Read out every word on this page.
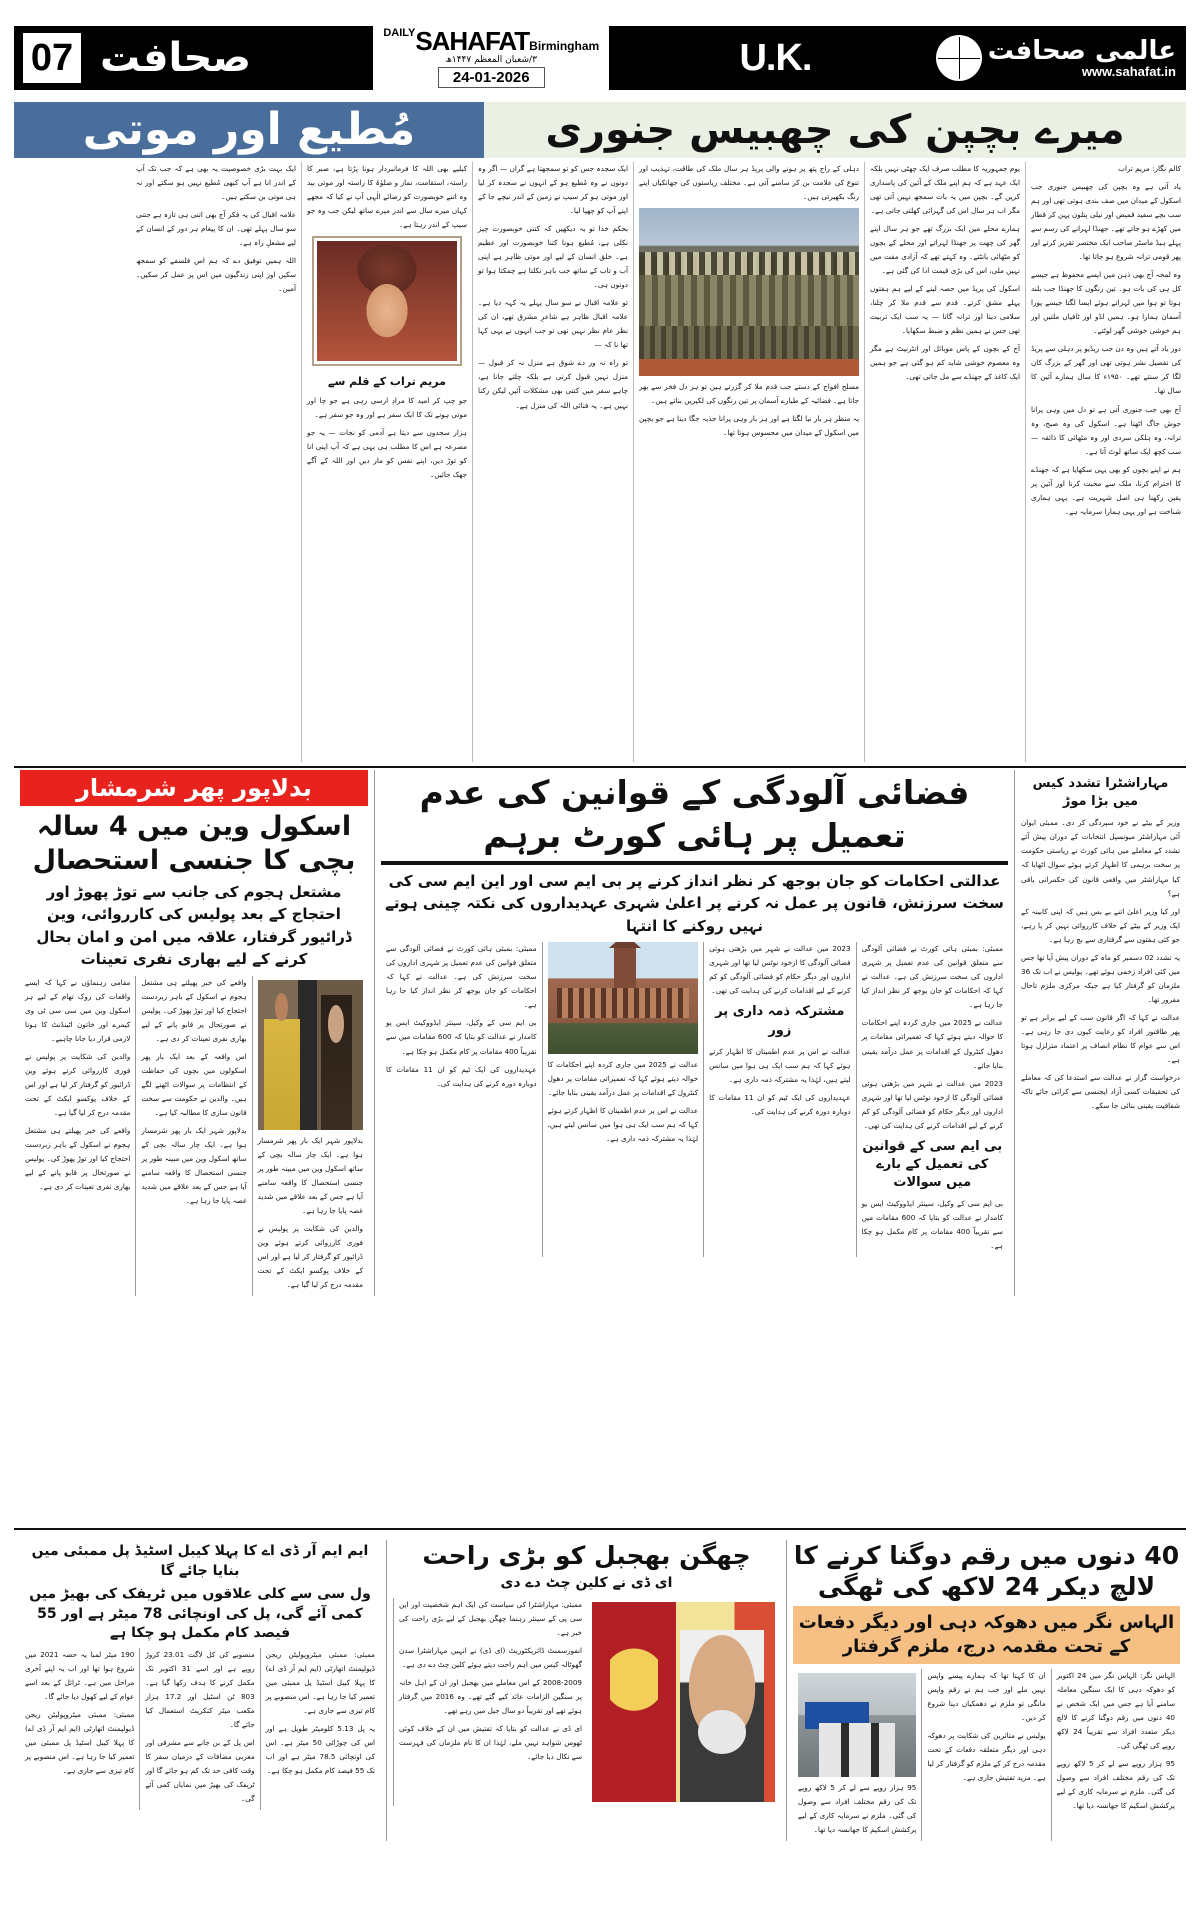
07 صحافت
$^{DAILY}$SAHAFATBirmingham
۳/شعبان المعظم ۱۴۴۷ھ
24-01-2026	U.K.	عالمی صحافت
www.sahafat.in
مُطیع اور موتی	میرے بچپن کی چھبیس جنوری

کالم نگار: مریم تراب

یاد آتی ہے وہ بچپن کی چھبیس جنوری جب اسکول کے میدان میں صف بندی ہوتی تھی اور ہم سب بچے سفید قمیض اور نیلی پتلون پہن کر قطار میں کھڑے ہو جاتے تھے۔ جھنڈا لہرانے کی رسم سے پہلے ہیڈ ماسٹر صاحب ایک مختصر تقریر کرتے اور پھر قومی ترانہ شروع ہو جاتا تھا۔

وہ لمحہ آج بھی ذہن میں ایسے محفوظ ہے جیسے کل ہی کی بات ہو۔ تین رنگوں کا جھنڈا جب بلند ہوتا تو ہوا میں لہراتے ہوئے ایسا لگتا جیسے پورا آسمان ہمارا ہو۔ ہمیں لڈو اور ٹافیاں ملتیں اور ہم خوشی خوشی گھر لوٹتے۔

دور یاد آتے ہیں وہ دن جب ریڈیو پر دہلی سے پریڈ کی تفصیل نشر ہوتی تھی اور گھر کے بزرگ کان لگا کر سنتے تھے۔ ۱۹۵۰ء کا سال ہمارے آئین کا سال تھا۔

آج بھی جب جنوری آتی ہے تو دل میں وہی پرانا جوش جاگ اٹھتا ہے۔ اسکول کی وہ صبح، وہ ترانہ، وہ ہلکی سردی اور وہ مٹھائی کا ذائقہ — سب کچھ ایک ساتھ لوٹ آتا ہے۔

ہم نے اپنے بچوں کو بھی یہی سکھایا ہے کہ جھنڈے کا احترام کرنا، ملک سے محبت کرنا اور آئین پر یقین رکھنا ہی اصل شہریت ہے۔ یہی ہماری شناخت ہے اور یہی ہمارا سرمایہ ہے۔

یوم جمہوریہ کا مطلب صرف ایک چھٹی نہیں بلکہ ایک عہد ہے کہ ہم اپنے ملک کے آئین کی پاسداری کریں گے۔ بچپن میں یہ بات سمجھ نہیں آتی تھی مگر اب ہر سال اس کی گہرائی کھلتی جاتی ہے۔

ہمارے محلے میں ایک بزرگ تھے جو ہر سال اپنے گھر کی چھت پر جھنڈا لہراتے اور محلے کے بچوں کو مٹھائی بانٹتے۔ وہ کہتے تھے کہ آزادی مفت میں نہیں ملی، اس کی بڑی قیمت ادا کی گئی ہے۔

اسکول کی پریڈ میں حصہ لینے کے لیے ہم ہفتوں پہلے مشق کرتے۔ قدم سے قدم ملا کر چلنا، سلامی دینا اور ترانہ گانا — یہ سب ایک تربیت تھی جس نے ہمیں نظم و ضبط سکھایا۔

آج کے بچوں کے پاس موبائل اور انٹرنیٹ ہے مگر وہ معصوم خوشی شاید کم ہو گئی ہے جو ہمیں ایک کاغذ کے جھنڈے سے مل جاتی تھی۔

دہلی کے راج پتھ پر ہونے والی پریڈ ہر سال ملک کی طاقت، تہذیب اور تنوع کی علامت بن کر سامنے آتی ہے۔ مختلف ریاستوں کی جھانکیاں اپنے رنگ بکھیرتی ہیں۔

مسلح افواج کے دستے جب قدم ملا کر گزرتے ہیں تو ہر دل فخر سے بھر جاتا ہے۔ فضائیہ کے طیارے آسمان پر تین رنگوں کی لکیریں بناتے ہیں۔

یہ منظر ہر بار نیا لگتا ہے اور ہر بار وہی پرانا جذبہ جگا دیتا ہے جو بچپن میں اسکول کے میدان میں محسوس ہوتا تھا۔

ایک سجدہ جس کو تو سمجھتا ہے گراں — اگر وہ دونوں نے وہ مُطیع ہو کے انہوں نے سجدہ کر لیا اور موتی ہو کر سیپ نے زمین کے اندر نیچے جا کے اپنے آپ کو چھپا لیا۔

بحکم خدا تو یہ دیکھیں کہ کتنی خوبصورت چیز نکلی ہے، مُطیع ہونا کتنا خوبصورت اور عظیم ہے۔ خلق انسان کے لیے اور موتی ظاہر ہے اپنی آب و تاب کے ساتھ جب باہر نکلتا ہے چمکتا ہوا تو دونوں ہی۔

تو علامہ اقبال نے سو سال پہلے یہ کہہ دیا ہے۔ علامہ اقبال ظاہر ہے شاعرِ مشرق تھے، ان کی نظر عام نظر نہیں تھی تو جب انہوں نے یہی کہا تھا نا کہ —

تو راہ نہ ور دے شوق ہے منزل نہ کر قبول — منزل نہیں قبول کرنی ہے بلکہ چلتے جانا ہے، چاہے سفر میں کتنی بھی مشکلات آئیں لیکن رکنا نہیں ہے۔ یہ فنائی اللہ کی منزل ہے۔

کیلیے بھی اللہ کا فرمانبردار ہونا پڑتا ہے، صبر کا راستہ، استقامت، نماز و صلوٰۃ کا راستہ اور موتی بید وہ اتنے خوبصورت کو رضائے الٰہی آپ نے کیا کہ مجھے کہاں میرے سال سے اندر میرے ساتھ لیکن جب وہ جو سیپ کے اندر رہتا ہے۔

مریم تراب کے قلم سے

جو چپ کر امید کا مرادِ ارسی رہی ہے جو چا اور موتی ہونے تک کا ایک سفر ہے اور وہ جو سفر ہے۔

ہزار سجدوں سے دیتا ہے آدمی کو نجات — یہ جو مصرعہ ہے اس کا مطلب ہی یہی ہے کہ آپ اپنی انا کو توڑ دیں، اپنے نفس کو مار دیں اور اللہ کے آگے جھک جائیں۔

ایک بہت بڑی خصوصیت یہ بھی ہے کہ جب تک آپ کے اندر انا ہے آپ کبھی مُطیع نہیں ہو سکتے اور نہ ہی موتی بن سکتے ہیں۔

علامہ اقبال کی یہ فکر آج بھی اتنی ہی تازہ ہے جتنی سو سال پہلے تھی۔ ان کا پیغام ہر دور کے انسان کے لیے مشعلِ راہ ہے۔

اللہ ہمیں توفیق دے کہ ہم اس فلسفے کو سمجھ سکیں اور اپنی زندگیوں میں اس پر عمل کر سکیں۔ آمین۔

مہاراشٹرا تشدد کیس میں بڑا موڑ

وزیر کے بیٹے نے خود سپردگی کر دی۔ ممبئی ایوان آئی مہاراشٹر میونسپل انتخابات کے دوران پیش آئے تشدد کے معاملے میں ہائی کورٹ نے ریاستی حکومت پر سخت برہمی کا اظہار کرتے ہوئے سوال اٹھایا کہ کیا مہاراشٹر میں واقعی قانون کی حکمرانی باقی ہے؟

اور کیا وزیر اعلیٰ اتنے بے بس ہیں کہ اپنی کابینہ کے ایک وزیر کے بیٹے کے خلاف کارروائی نہیں کر پا رہے، جو کئی ہفتوں سے گرفتاری سے بچ رہا ہے۔

یہ تشدد 02 دسمبر کو ماہ کے دوران پیش آیا تھا جس میں کئی افراد زخمی ہوئے تھے۔ پولیس نے اب تک 36 ملزمان کو گرفتار کیا ہے جبکہ مرکزی ملزم تاحال مفرور تھا۔

عدالت نے کہا کہ اگر قانون سب کے لیے برابر ہے تو پھر طاقتور افراد کو رعایت کیوں دی جا رہی ہے۔ اس سے عوام کا نظام انصاف پر اعتماد متزلزل ہوتا ہے۔

درخواست گزار نے عدالت سے استدعا کی کہ معاملے کی تحقیقات کسی آزاد ایجنسی سے کرائی جائے تاکہ شفافیت یقینی بنائی جا سکے۔

فضائی آلودگی کے قوانین کی عدم تعمیل پر ہائی کورٹ برہم
عدالتی احکامات کو جان بوجھ کر نظر انداز کرنے پر بی ایم سی اور این ایم سی کی سخت سرزنش، قانون پر عمل نہ کرنے پر اعلیٰ شہری عہدیداروں کی نکتہ چینی ہوتے نہیں روکنے کا انتہا

ممبئی: بمبئی ہائی کورٹ نے فضائی آلودگی سے متعلق قوانین کی عدم تعمیل پر شہری اداروں کی سخت سرزنش کی ہے۔ عدالت نے کہا کہ احکامات کو جان بوجھ کر نظر انداز کیا جا رہا ہے۔

عدالت نے 2025 میں جاری کردہ اپنے احکامات کا حوالہ دیتے ہوئے کہا کہ تعمیراتی مقامات پر دھول کنٹرول کے اقدامات پر عمل درآمد یقینی بنایا جائے۔

2023 میں عدالت نے شہر میں بڑھتی ہوئی فضائی آلودگی کا ازخود نوٹس لیا تھا اور شہری اداروں اور دیگر حکام کو فضائی آلودگی کو کم کرنے کے لیے اقدامات کرنے کی ہدایت کی تھی۔

بی ایم سی کے قوانین کی تعمیل کے بارے میں سوالات

بی ایم سی کے وکیل، سینئر ایڈووکیٹ ایس یو کامدار نے عدالت کو بتایا کہ 600 مقامات میں سے تقریباً 400 مقامات پر کام مکمل ہو چکا ہے۔

2023 میں عدالت نے شہر میں بڑھتی ہوئی فضائی آلودگی کا ازخود نوٹس لیا تھا اور شہری اداروں اور دیگر حکام کو فضائی آلودگی کو کم کرنے کے لیے اقدامات کرنے کی ہدایت کی تھی۔

مشترکہ ذمہ داری پر زور

عدالت نے اس پر عدم اطمینان کا اظہار کرتے ہوئے کہا کہ ہم سب ایک ہی ہوا میں سانس لیتے ہیں، لہٰذا یہ مشترکہ ذمہ داری ہے۔

عہدیداروں کی ایک ٹیم کو ان 11 مقامات کا دوبارہ دورہ کرنے کی ہدایت کی۔

عدالت نے 2025 میں جاری کردہ اپنے احکامات کا حوالہ دیتے ہوئے کہا کہ تعمیراتی مقامات پر دھول کنٹرول کے اقدامات پر عمل درآمد یقینی بنایا جائے۔

عدالت نے اس پر عدم اطمینان کا اظہار کرتے ہوئے کہا کہ ہم سب ایک ہی ہوا میں سانس لیتے ہیں، لہٰذا یہ مشترکہ ذمہ داری ہے۔

ممبئی: بمبئی ہائی کورٹ نے فضائی آلودگی سے متعلق قوانین کی عدم تعمیل پر شہری اداروں کی سخت سرزنش کی ہے۔ عدالت نے کہا کہ احکامات کو جان بوجھ کر نظر انداز کیا جا رہا ہے۔

بی ایم سی کے وکیل، سینئر ایڈووکیٹ ایس یو کامدار نے عدالت کو بتایا کہ 600 مقامات میں سے تقریباً 400 مقامات پر کام مکمل ہو چکا ہے۔

عہدیداروں کی ایک ٹیم کو ان 11 مقامات کا دوبارہ دورہ کرنے کی ہدایت کی۔

بدلاپور پھر شرمشار
اسکول وین میں 4 سالہ بچی کا جنسی استحصال
مشتعل ہجوم کی جانب سے توڑ پھوڑ اور احتجاج کے بعد پولیس کی کارروائی، وین ڈرائیور گرفتار، علاقہ میں امن و امان بحال کرنے کے لیے بھاری نفری تعینات

بدلاپور شہر ایک بار پھر شرمسار ہوا ہے۔ ایک چار سالہ بچی کے ساتھ اسکول وین میں مبینہ طور پر جنسی استحصال کا واقعہ سامنے آیا ہے جس کے بعد علاقے میں شدید غصہ پایا جا رہا ہے۔

والدین کی شکایت پر پولیس نے فوری کارروائی کرتے ہوئے وین ڈرائیور کو گرفتار کر لیا ہے اور اس کے خلاف پوکسو ایکٹ کے تحت مقدمہ درج کر لیا گیا ہے۔

واقعے کی خبر پھیلتے ہی مشتعل ہجوم نے اسکول کے باہر زبردست احتجاج کیا اور توڑ پھوڑ کی۔ پولیس نے صورتحال پر قابو پانے کے لیے بھاری نفری تعینات کر دی ہے۔

اس واقعہ کے بعد ایک بار پھر اسکولوں میں بچوں کی حفاظت کے انتظامات پر سوالات اٹھنے لگے ہیں۔ والدین نے حکومت سے سخت قانون سازی کا مطالبہ کیا ہے۔

بدلاپور شہر ایک بار پھر شرمسار ہوا ہے۔ ایک چار سالہ بچی کے ساتھ اسکول وین میں مبینہ طور پر جنسی استحصال کا واقعہ سامنے آیا ہے جس کے بعد علاقے میں شدید غصہ پایا جا رہا ہے۔

مقامی رہنماؤں نے کہا کہ ایسے واقعات کی روک تھام کے لیے ہر اسکول وین میں سی سی ٹی وی کیمرے اور خاتون اٹینڈنٹ کا ہونا لازمی قرار دیا جانا چاہیے۔

والدین کی شکایت پر پولیس نے فوری کارروائی کرتے ہوئے وین ڈرائیور کو گرفتار کر لیا ہے اور اس کے خلاف پوکسو ایکٹ کے تحت مقدمہ درج کر لیا گیا ہے۔

واقعے کی خبر پھیلتے ہی مشتعل ہجوم نے اسکول کے باہر زبردست احتجاج کیا اور توڑ پھوڑ کی۔ پولیس نے صورتحال پر قابو پانے کے لیے بھاری نفری تعینات کر دی ہے۔

40 دنوں میں رقم دوگنا کرنے کا لالچ دیکر 24 لاکھ کی ٹھگی
الہاس نگر میں دھوکہ دہی اور دیگر دفعات کے تحت مقدمہ درج، ملزم گرفتار

الہاس نگر: الہاس نگر میں 24 اکتوبر کو دھوکہ دہی کا ایک سنگین معاملہ سامنے آیا ہے جس میں ایک شخص نے 40 دنوں میں رقم دوگنا کرنے کا لالچ دیکر متعدد افراد سے تقریباً 24 لاکھ روپے کی ٹھگی کی۔

95 ہزار روپے سے لے کر 5 لاکھ روپے تک کی رقم مختلف افراد سے وصول کی گئی۔ ملزم نے سرمایہ کاری کے لیے پرکشش اسکیم کا جھانسہ دیا تھا۔

ان کا کہنا تھا کہ ہمارے پیسے واپس نہیں ملے اور جب ہم نے رقم واپس مانگی تو ملزم نے دھمکیاں دینا شروع کر دیں۔

پولیس نے متاثرین کی شکایت پر دھوکہ دہی اور دیگر متعلقہ دفعات کے تحت مقدمہ درج کر کے ملزم کو گرفتار کر لیا ہے۔ مزید تفتیش جاری ہے۔

95 ہزار روپے سے لے کر 5 لاکھ روپے تک کی رقم مختلف افراد سے وصول کی گئی۔ ملزم نے سرمایہ کاری کے لیے پرکشش اسکیم کا جھانسہ دیا تھا۔

چھگن بھجبل کو بڑی راحت
ای ڈی نے کلین چٹ دے دی

ممبئی: مہاراشٹرا کی سیاست کی ایک اہم شخصیت اور این سی پی کے سینئر رہنما چھگن بھجبل کے لیے بڑی راحت کی خبر ہے۔

انفورسمنٹ ڈائریکٹوریٹ (ای ڈی) نے انہیں مہاراشٹرا سدن گھوٹالہ کیس میں اہم راحت دیتے ہوئے کلین چٹ دے دی ہے۔

2008-2009 کے اس معاملے میں بھجبل اور ان کے اہل خانہ پر سنگین الزامات عائد کیے گئے تھے۔ وہ 2016 میں گرفتار ہوئے تھے اور تقریباً دو سال جیل میں رہے تھے۔

ای ڈی نے عدالت کو بتایا کہ تفتیش میں ان کے خلاف کوئی ٹھوس شواہد نہیں ملے، لہٰذا ان کا نام ملزمان کی فہرست سے نکال دیا جائے۔

ایم ایم آر ڈی اے کا پہلا کیبل اسٹیڈ پل ممبئی میں بنایا جائے گا
ول سی سے کلی علاقوں میں ٹریفک کی بھیڑ میں کمی آئے گی، پل کی اونچائی 78 میٹر ہے اور 55 فیصد کام مکمل ہو چکا ہے

ممبئی: ممبئی میٹروپولیٹن ریجن ڈیولپمنٹ اتھارٹی (ایم ایم آر ڈی اے) کا پہلا کیبل اسٹیڈ پل ممبئی میں تعمیر کیا جا رہا ہے۔ اس منصوبے پر کام تیزی سے جاری ہے۔

یہ پل 5.13 کلومیٹر طویل ہے اور اس کی چوڑائی 50 میٹر ہے۔ اس کی اونچائی 78.5 میٹر ہے اور اب تک 55 فیصد کام مکمل ہو چکا ہے۔

منصوبے کی کل لاگت 23.01 کروڑ روپے ہے اور اسے 31 اکتوبر تک مکمل کرنے کا ہدف رکھا گیا ہے۔ 803 ٹن اسٹیل اور 17.2 ہزار مکعب میٹر کنکریٹ استعمال کیا جائے گا۔

اس پل کے بن جانے سے مشرقی اور مغربی مضافات کے درمیان سفر کا وقت کافی حد تک کم ہو جائے گا اور ٹریفک کی بھیڑ میں نمایاں کمی آئے گی۔

190 میٹر لمبا یہ حصہ 2021 میں شروع ہوا تھا اور اب یہ اپنے آخری مراحل میں ہے۔ ٹرائل کے بعد اسے عوام کے لیے کھول دیا جائے گا۔

ممبئی: ممبئی میٹروپولیٹن ریجن ڈیولپمنٹ اتھارٹی (ایم ایم آر ڈی اے) کا پہلا کیبل اسٹیڈ پل ممبئی میں تعمیر کیا جا رہا ہے۔ اس منصوبے پر کام تیزی سے جاری ہے۔
